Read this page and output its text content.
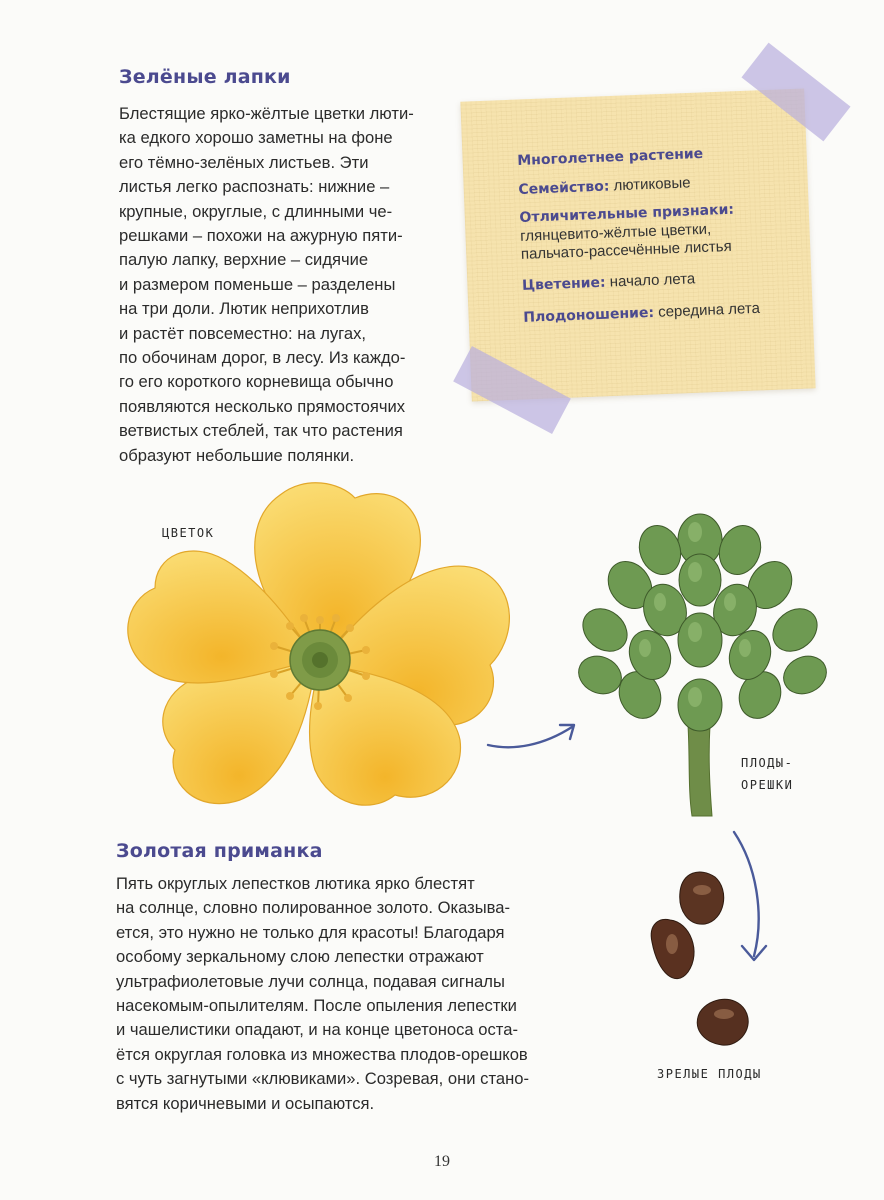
Зелёные лапки
Блестящие ярко-жёлтые цветки люти-
ка едкого хорошо заметны на фоне
его тёмно-зелёных листьев. Эти
листья легко распознать: нижние –
крупные, округлые, с длинными че-
решками – похожи на ажурную пяти-
палую лапку, верхние – сидячие
и размером поменьше – разделены
на три доли. Лютик неприхотлив
и растёт повсеместно: на лугах,
по обочинам дорог, в лесу. Из каждо-
го его короткого корневища обычно
появляются несколько прямостоячих
ветвистых стеблей, так что растения
образуют небольшие полянки.

Многолетнее растение

Семейство: лютиковые

Отличительные признаки:
глянцевито-жёлтые цветки,
пальчато-рассечённые листья

Цветение: начало лета

Плодоношение: середина лета

ЦВЕТОК

ПЛОДЫ-
ОРЕШКИ

ЗРЕЛЫЕ ПЛОДЫ

Золотая приманка
Пять округлых лепестков лютика ярко блестят
на солнце, словно полированное золото. Оказыва-
ется, это нужно не только для красоты! Благодаря
особому зеркальному слою лепестки отражают
ультрафиолетовые лучи солнца, подавая сигналы
насекомым-опылителям. После опыления лепестки
и чашелистики опадают, и на конце цветоноса оста-
ётся округлая головка из множества плодов-орешков
с чуть загнутыми «клювиками». Созревая, они стано-
вятся коричневыми и осыпаются.

19
